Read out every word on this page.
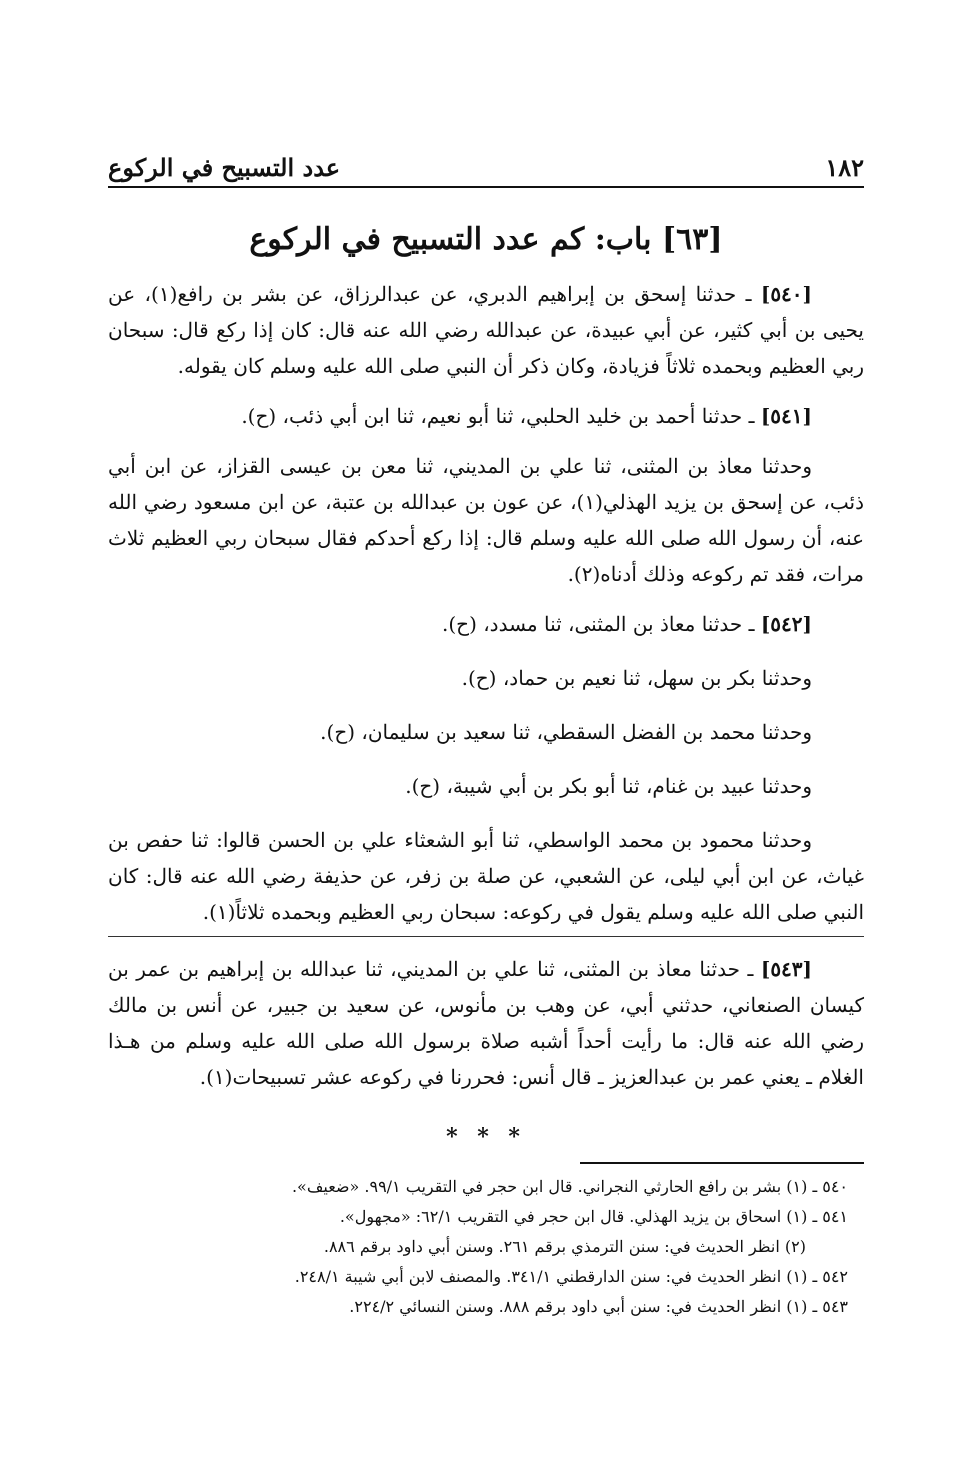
١٨٢
عدد التسبيح في الركوع
[٦٣] باب: كم عدد التسبيح في الركوع

[٥٤٠] ـ حدثنا إسحق بن إبراهيم الدبري، عن عبدالرزاق، عن بشر بن رافع(١)، عن يحيى بن أبي كثير، عن أبي عبيدة، عن عبدالله رضي الله عنه قال: كان إذا ركع قال: سبحان ربي العظيم وبحمده ثلاثاً فزيادة، وكان ذكر أن النبي صلى الله عليه وسلم كان يقوله.

[٥٤١] ـ حدثنا أحمد بن خليد الحلبي، ثنا أبو نعيم، ثنا ابن أبي ذئب، (ح).

وحدثنا معاذ بن المثنى، ثنا علي بن المديني، ثنا معن بن عيسى القزاز، عن ابن أبي ذئب، عن إسحق بن يزيد الهذلي(١)، عن عون بن عبدالله بن عتبة، عن ابن مسعود رضي الله عنه، أن رسول الله صلى الله عليه وسلم قال: إذا ركع أحدكم فقال سبحان ربي العظيم ثلاث مرات، فقد تم ركوعه وذلك أدناه(٢).

[٥٤٢] ـ حدثنا معاذ بن المثنى، ثنا مسدد، (ح).

وحدثنا بكر بن سهل، ثنا نعيم بن حماد، (ح).

وحدثنا محمد بن الفضل السقطي، ثنا سعيد بن سليمان، (ح).

وحدثنا عبيد بن غنام، ثنا أبو بكر بن أبي شيبة، (ح).

وحدثنا محمود بن محمد الواسطي، ثنا أبو الشعثاء علي بن الحسن قالوا: ثنا حفص بن غياث، عن ابن أبي ليلى، عن الشعبي، عن صلة بن زفر، عن حذيفة رضي الله عنه قال: كان النبي صلى الله عليه وسلم يقول في ركوعه: سبحان ربي العظيم وبحمده ثلاثاً(١).

[٥٤٣] ـ حدثنا معاذ بن المثنى، ثنا علي بن المديني، ثنا عبدالله بن إبراهيم بن عمر بن كيسان الصنعاني، حدثني أبي، عن وهب بن مأنوس، عن سعيد بن جبير، عن أنس بن مالك رضي الله عنه قال: ما رأيت أحداً أشبه صلاة برسول الله صلى الله عليه وسلم من هـذا الغلام ـ يعني عمر بن عبدالعزيز ـ قال أنس: فحررنا في ركوعه عشر تسبيحات(١).

* * *

٥٤٠ ـ (١) بشر بن رافع الحارثي النجراني. قال ابن حجر في التقريب ٩٩/١. «ضعيف».

٥٤١ ـ (١) اسحاق بن يزيد الهذلي. قال ابن حجر في التقريب ٦٢/١: «مجهول».

(٢) انظر الحديث في: سنن الترمذي برقم ٢٦١. وسنن أبي داود برقم ٨٨٦.

٥٤٢ ـ (١) انظر الحديث في: سنن الدارقطني ٣٤١/١. والمصنف لابن أبي شيبة ٢٤٨/١.

٥٤٣ ـ (١) انظر الحديث في: سنن أبي داود برقم ٨٨٨. وسنن النسائي ٢٢٤/٢.
